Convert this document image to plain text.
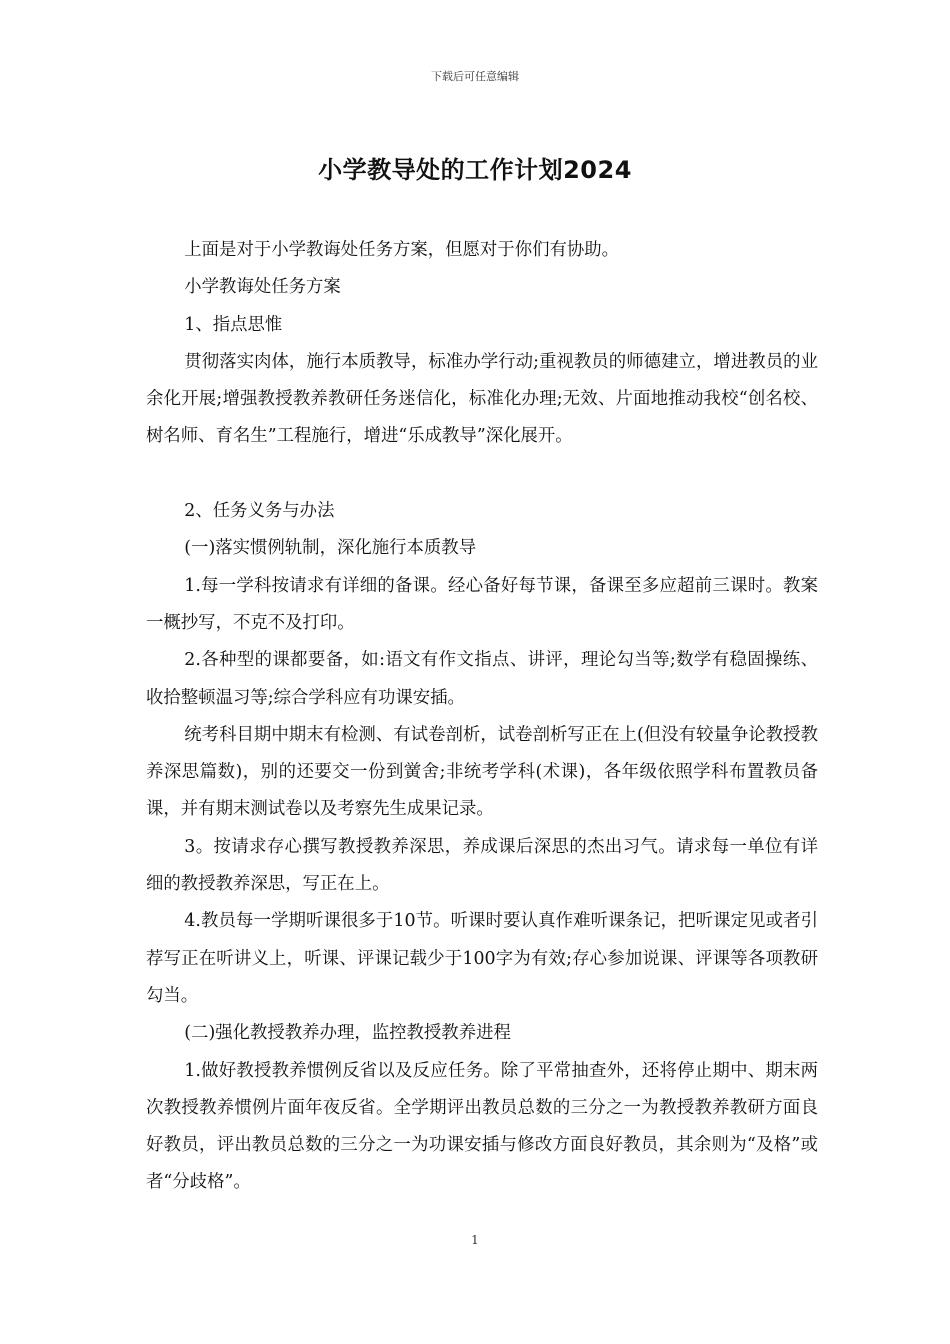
下载后可任意编辑
小学教导处的工作计划2024

上面是对于小学教诲处任务方案，但愿对于你们有协助。

小学教诲处任务方案

1、指点思惟

贯彻落实肉体，施行本质教导，标准办学行动;重视教员的师德建立，增进教员的业余化开展;增强教授教养教研任务迷信化，标准化办理;无效、片面地推动我校“创名校、树名师、育名生”工程施行，增进“乐成教导”深化展开。

2、任务义务与办法

(一)落实惯例轨制，深化施行本质教导

1.每一学科按请求有详细的备课。经心备好每节课，备课至多应超前三课时。教案一概抄写，不克不及打印。

2.各种型的课都要备，如:语文有作文指点、讲评，理论勾当等;数学有稳固操练、收拾整顿温习等;综合学科应有功课安插。

统考科目期中期末有检测、有试卷剖析，试卷剖析写正在上(但没有较量争论教授教养深思篇数)，别的还要交一份到黉舍;非统考学科(术课)，各年级依照学科布置教员备课，并有期末测试卷以及考察先生成果记录。

3。按请求存心撰写教授教养深思，养成课后深思的杰出习气。请求每一单位有详细的教授教养深思，写正在上。

4.教员每一学期听课很多于10节。听课时要认真作难听课条记，把听课定见或者引荐写正在听讲义上，听课、评课记载少于100字为有效;存心参加说课、评课等各项教研勾当。

(二)强化教授教养办理，监控教授教养进程

1.做好教授教养惯例反省以及反应任务。除了平常抽查外，还将停止期中、期末两次教授教养惯例片面年夜反省。全学期评出教员总数的三分之一为教授教养教研方面良好教员，评出教员总数的三分之一为功课安插与修改方面良好教员，其余则为“及格”或者“分歧格”。

1
